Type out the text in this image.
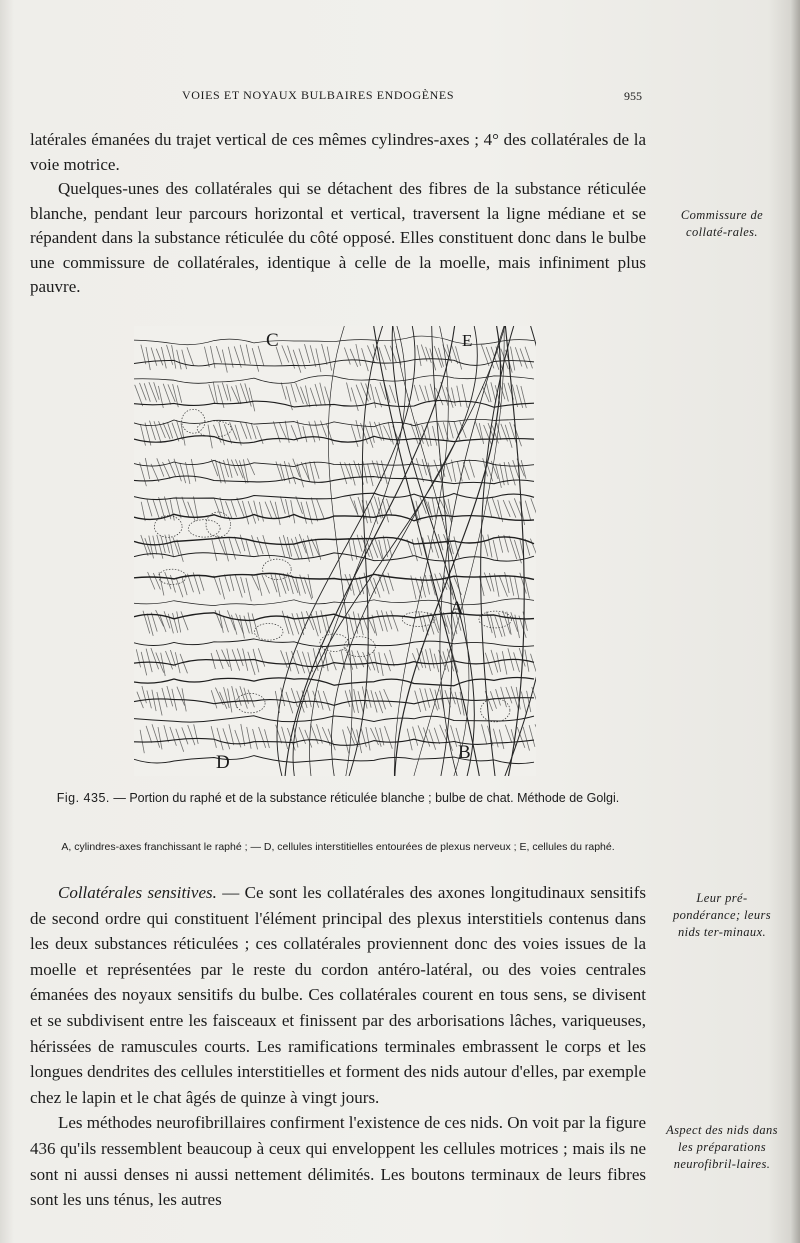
VOIES ET NOYAUX BULBAIRES ENDOGÈNES	955

latérales émanées du trajet vertical de ces mêmes cylindres-axes ; 4° des collatérales de la voie motrice.

Quelques-unes des collatérales qui se détachent des fibres de la substance réticulée blanche, pendant leur parcours horizontal et vertical, traversent la ligne médiane et se répandent dans la substance réticulée du côté opposé. Elles constituent donc dans le bulbe une commissure de collatérales, identique à celle de la moelle, mais infiniment plus pauvre.

Commissure de collaté-rales.
C	E
A
B
D
Fig. 435. — Portion du raphé et de la substance réticulée blanche ; bulbe de chat. Méthode de Golgi.
A, cylindres-axes franchissant le raphé ; — D, cellules interstitielles entourées de plexus nerveux ; E, cellules du raphé.

Collatérales sensitives. — Ce sont les collatérales des axones longitudinaux sensitifs de second ordre qui constituent l'élément principal des plexus interstitiels contenus dans les deux substances réticulées ; ces collatérales proviennent donc des voies issues de la moelle et représentées par le reste du cordon antéro-latéral, ou des voies centrales émanées des noyaux sensitifs du bulbe. Ces collatérales courent en tous sens, se divisent et se subdivisent entre les faisceaux et finissent par des arborisations lâches, variqueuses, hérissées de ramuscules courts. Les ramifications terminales embrassent le corps et les longues dendrites des cellules interstitielles et forment des nids autour d'elles, par exemple chez le lapin et le chat âgés de quinze à vingt jours.

Les méthodes neurofibrillaires confirment l'existence de ces nids. On voit par la figure 436 qu'ils ressemblent beaucoup à ceux qui enveloppent les cellules motrices ; mais ils ne sont ni aussi denses ni aussi nettement délimités. Les boutons terminaux de leurs fibres sont les uns ténus, les autres

Leur pré-pondérance; leurs nids ter-minaux.
Aspect des nids dans les préparations neurofibril-laires.
